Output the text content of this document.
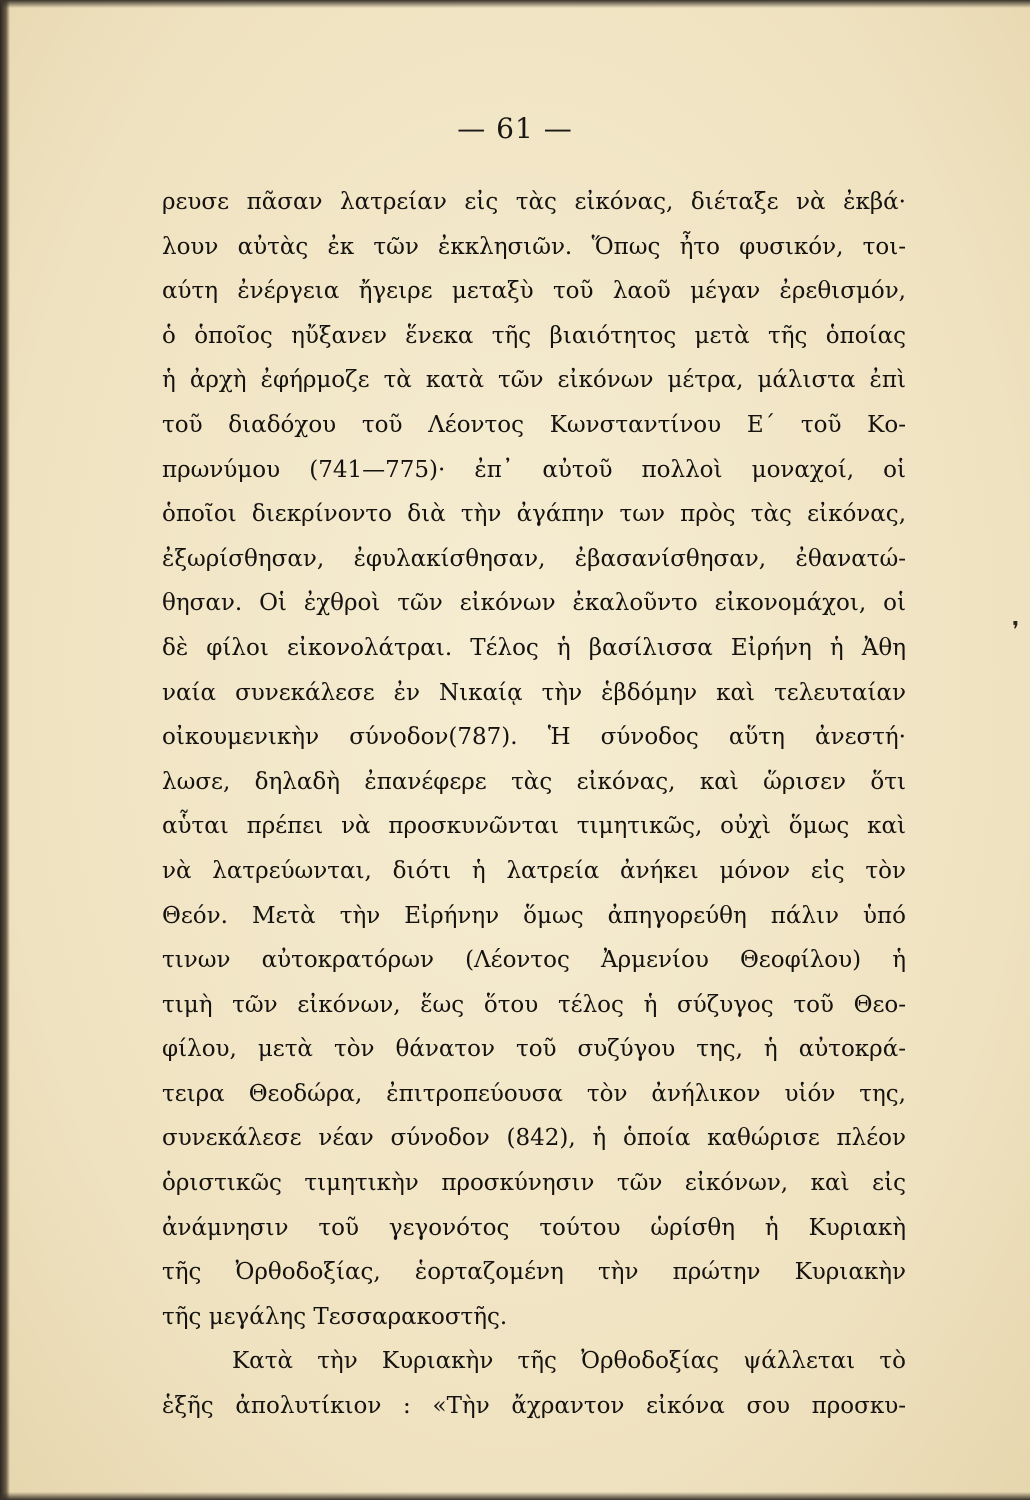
— 61 —
ρευσε πᾶσαν λατρείαν εἰς τὰς εἰκόνας, διέταξε νὰ ἐκβά·
λουν αὐτὰς ἐκ τῶν ἐκκλησιῶν. Ὅπως ἦτο φυσικόν, τοι-
αύτη ἐνέργεια ἤγειρε μεταξὺ τοῦ λαοῦ μέγαν ἐρεθισμόν,
ὁ ὁποῖος ηὔξανεν ἕνεκα τῆς βιαιότητος μετὰ τῆς ὁποίας
ἡ ἀρχὴ ἐφήρμοζε τὰ κατὰ τῶν εἰκόνων μέτρα, μάλιστα ἐπὶ
τοῦ διαδόχου τοῦ Λέοντος Κωνσταντίνου Ε΄ τοῦ Κο-
πρωνύμου (741—775)· ἐπ᾽ αὐτοῦ πολλοὶ μοναχοί, οἱ
ὁποῖοι διεκρίνοντο διὰ τὴν ἀγάπην των πρὸς τὰς εἰκόνας,
ἐξωρίσθησαν, ἐφυλακίσθησαν, ἐβασανίσθησαν, ἐθανατώ-
θησαν. Οἱ ἐχθροὶ τῶν εἰκόνων ἐκαλοῦντο εἰκονομάχοι, οἱ
δὲ φίλοι εἰκονολάτραι. Τέλος ἡ βασίλισσα Εἰρήνη ἡ Ἀθη
ναία συνεκάλεσε ἐν Νικαίᾳ τὴν ἑβδόμην καὶ τελευταίαν
οἰκουμενικὴν σύνοδον(787). Ἡ σύνοδος αὕτη ἀνεστή·
λωσε, δηλαδὴ ἐπανέφερε τὰς εἰκόνας, καὶ ὥρισεν ὅτι
αὗται πρέπει νὰ προσκυνῶνται τιμητικῶς, οὐχὶ ὅμως καὶ
νὰ λατρεύωνται, διότι ἡ λατρεία ἀνήκει μόνον εἰς τὸν
Θεόν. Μετὰ τὴν Εἰρήνην ὅμως ἀπηγορεύθη πάλιν ὑπό
τινων αὐτοκρατόρων (Λέοντος Ἀρμενίου Θεοφίλου) ἡ
τιμὴ τῶν εἰκόνων, ἕως ὅτου τέλος ἡ σύζυγος τοῦ Θεο-
φίλου, μετὰ τὸν θάνατον τοῦ συζύγου της, ἡ αὐτοκρά-
τειρα Θεοδώρα, ἐπιτροπεύουσα τὸν ἀνήλικον υἱόν της,
συνεκάλεσε νέαν σύνοδον (842), ἡ ὁποία καθώρισε πλέον
ὁριστικῶς τιμητικὴν προσκύνησιν τῶν εἰκόνων, καὶ εἰς
ἀνάμνησιν τοῦ γεγονότος τούτου ὡρίσθη ἡ Κυριακὴ
τῆς Ὀρθοδοξίας, ἑορταζομένη τὴν πρώτην Κυριακὴν
τῆς μεγάλης Τεσσαρακοστῆς.
Κατὰ τὴν Κυριακὴν τῆς Ὀρθοδοξίας ψάλλεται τὸ
ἑξῆς ἀπολυτίκιον : «Τὴν ἄχραντον εἰκόνα σου προσκυ-
❜
